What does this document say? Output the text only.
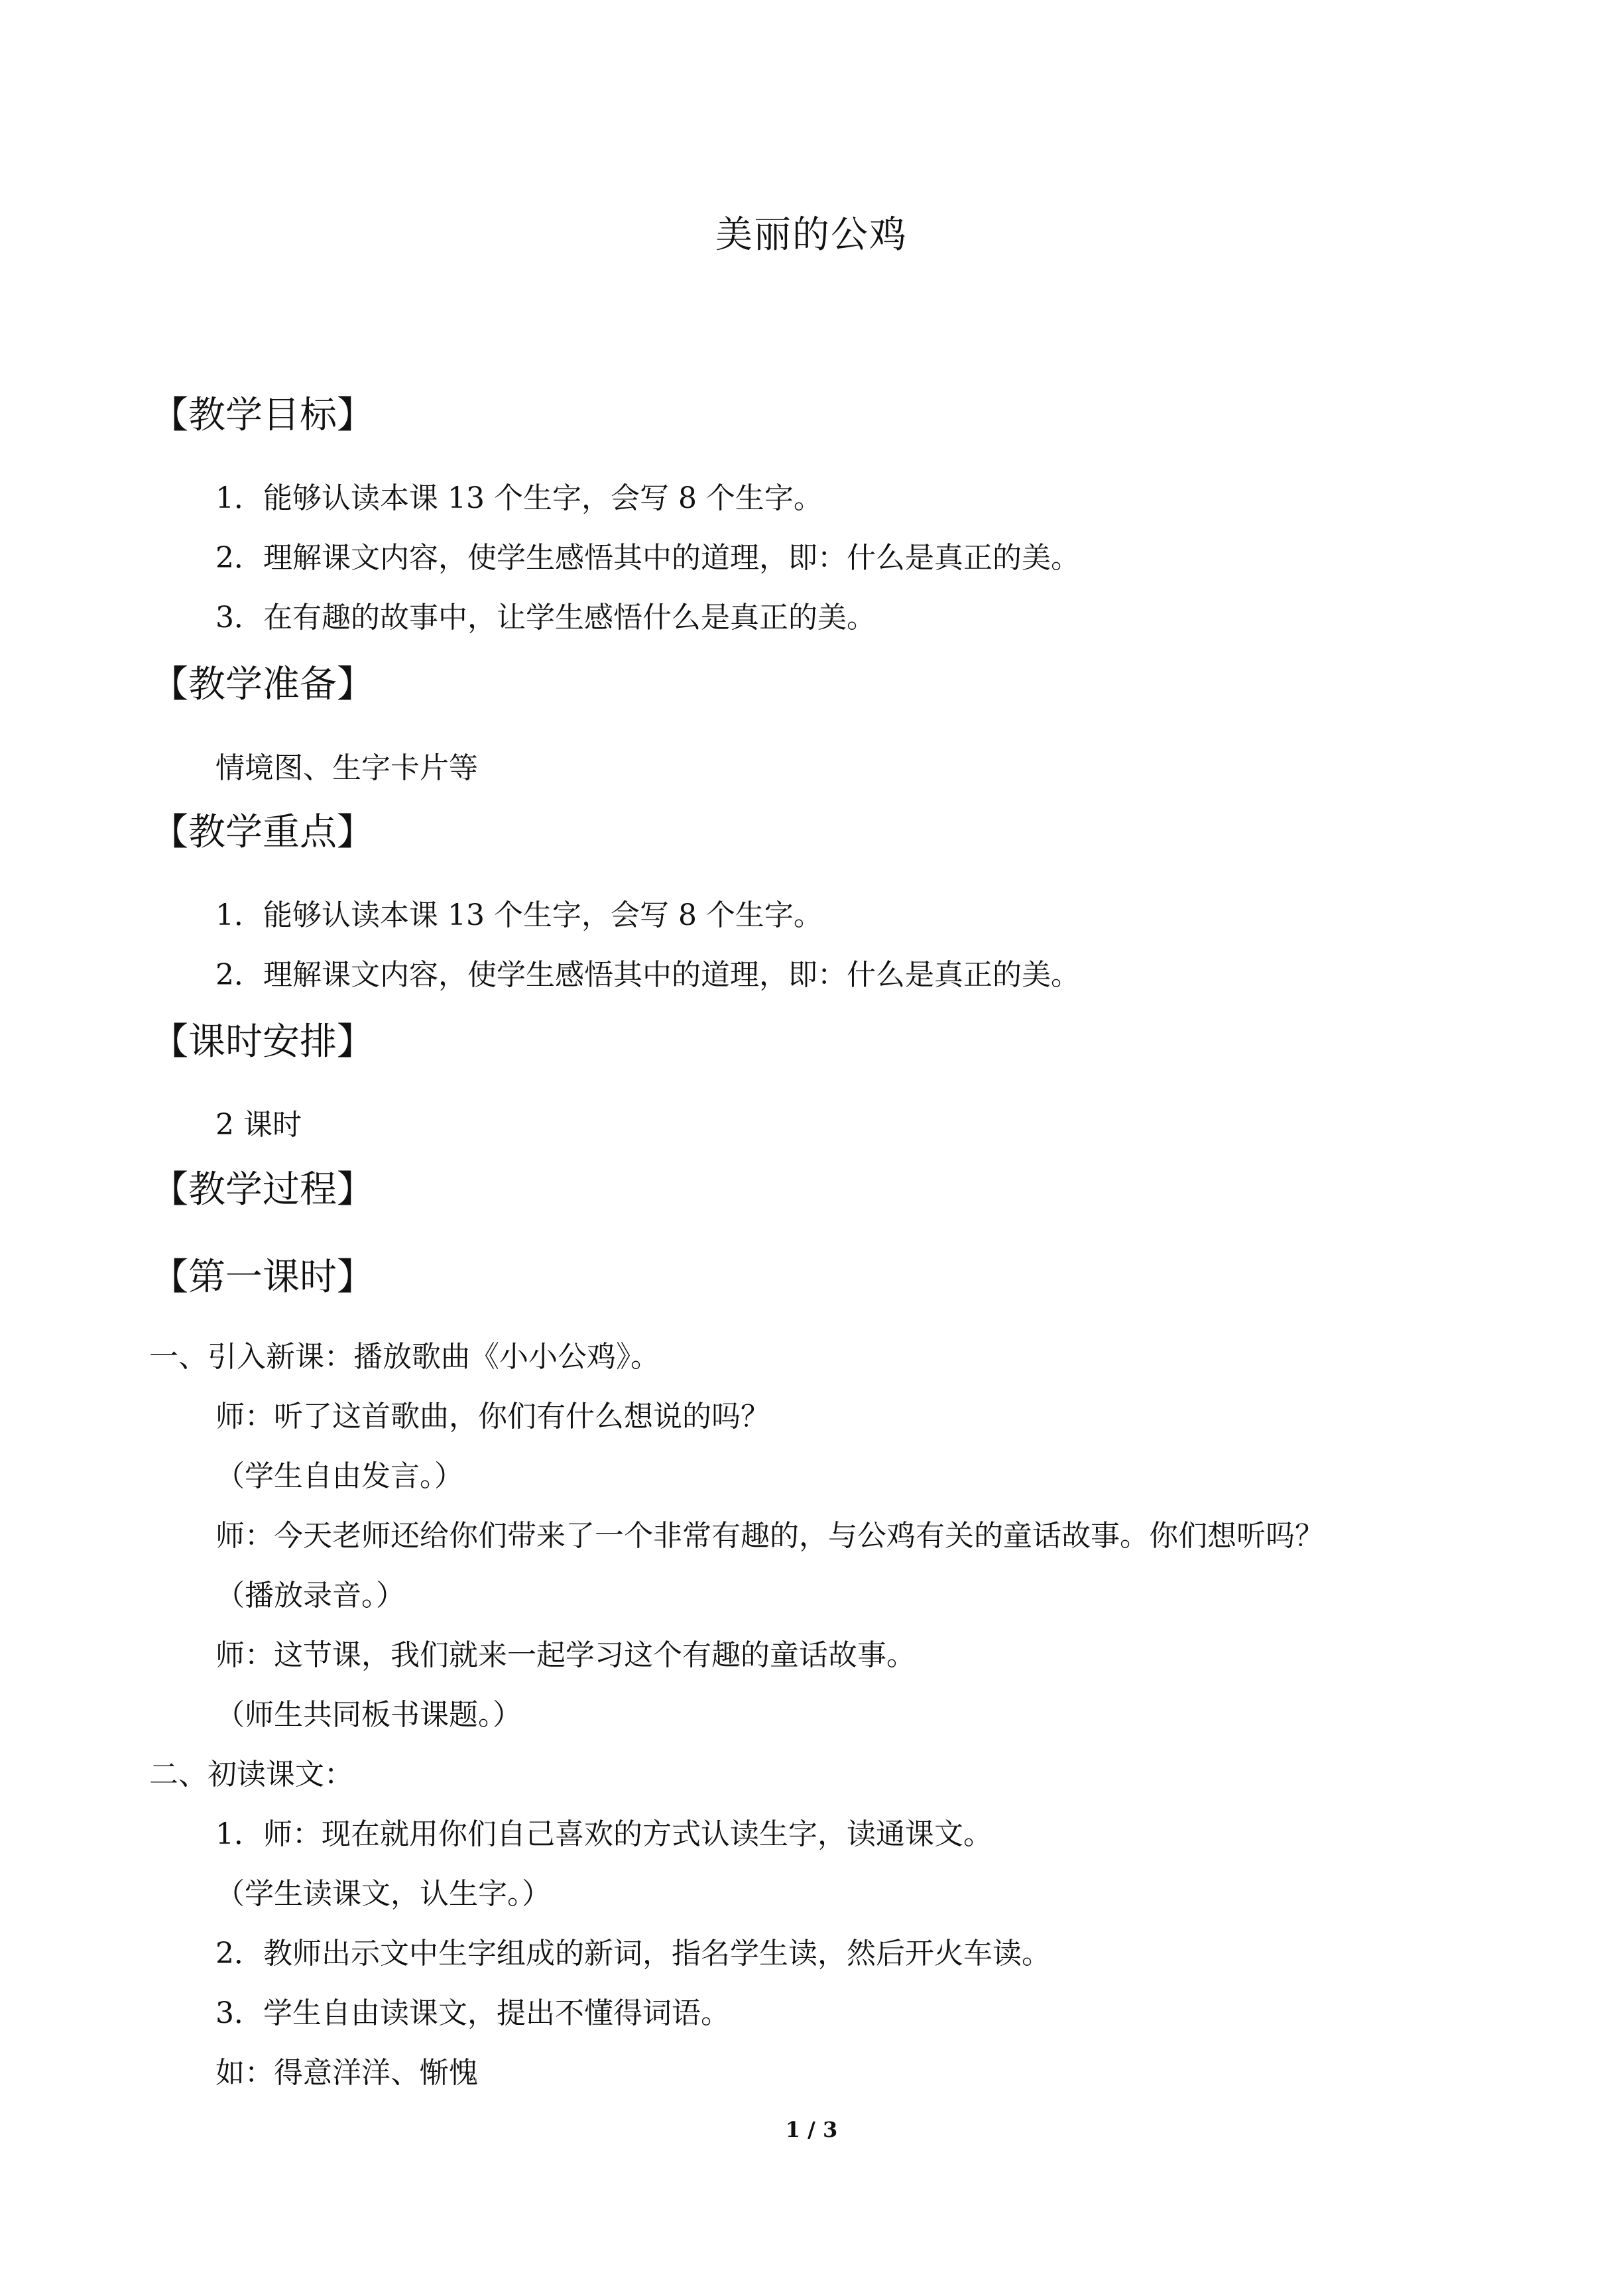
美丽的公鸡
【教学目标】
1．能够认读本课 13 个生字，会写 8 个生字。
2．理解课文内容，使学生感悟其中的道理，即：什么是真正的美。
3．在有趣的故事中，让学生感悟什么是真正的美。
【教学准备】
情境图、生字卡片等
【教学重点】
1．能够认读本课 13 个生字，会写 8 个生字。
2．理解课文内容，使学生感悟其中的道理，即：什么是真正的美。
【课时安排】
2 课时
【教学过程】
【第一课时】
一、引入新课：播放歌曲《小小公鸡》。
师：听了这首歌曲，你们有什么想说的吗？
（学生自由发言。）
师：今天老师还给你们带来了一个非常有趣的，与公鸡有关的童话故事。你们想听吗？
（播放录音。）
师：这节课，我们就来一起学习这个有趣的童话故事。
（师生共同板书课题。）
二、初读课文：
1．师：现在就用你们自己喜欢的方式认读生字，读通课文。
（学生读课文，认生字。）
2．教师出示文中生字组成的新词，指名学生读，然后开火车读。
3．学生自由读课文，提出不懂得词语。
如：得意洋洋、惭愧
1 / 3
